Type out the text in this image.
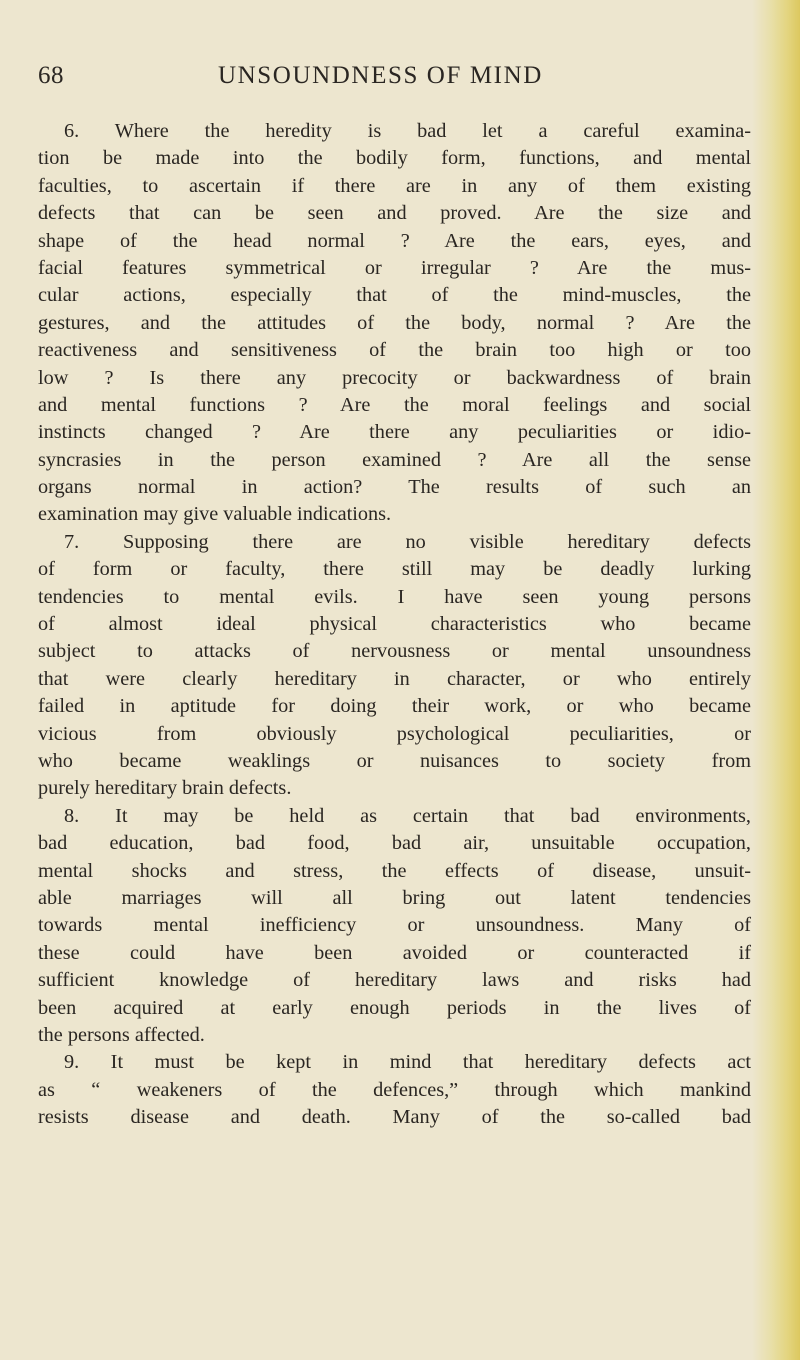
68	UNSOUNDNESS OF MIND
6. Where the heredity is bad let a careful examina-
tion be made into the bodily form, functions, and mental
faculties, to ascertain if there are in any of them existing
defects that can be seen and proved. Are the size and
shape of the head normal ? Are the ears, eyes, and
facial features symmetrical or irregular ? Are the mus-
cular actions, especially that of the mind-muscles, the
gestures, and the attitudes of the body, normal ? Are the
reactiveness and sensitiveness of the brain too high or too
low ? Is there any precocity or backwardness of brain
and mental functions ? Are the moral feelings and social
instincts changed ? Are there any peculiarities or idio-
syncrasies in the person examined ? Are all the sense
organs normal in action? The results of such an
examination may give valuable indications.
7. Supposing there are no visible hereditary defects
of form or faculty, there still may be deadly lurking
tendencies to mental evils. I have seen young persons
of almost ideal physical characteristics who became
subject to attacks of nervousness or mental unsoundness
that were clearly hereditary in character, or who entirely
failed in aptitude for doing their work, or who became
vicious from obviously psychological peculiarities, or
who became weaklings or nuisances to society from
purely hereditary brain defects.
8. It may be held as certain that bad environments,
bad education, bad food, bad air, unsuitable occupation,
mental shocks and stress, the effects of disease, unsuit-
able marriages will all bring out latent tendencies
towards mental inefficiency or unsoundness. Many of
these could have been avoided or counteracted if
sufficient knowledge of hereditary laws and risks had
been acquired at early enough periods in the lives of
the persons affected.
9. It must be kept in mind that hereditary defects act
as “ weakeners of the defences,” through which mankind
resists disease and death. Many of the so-called bad
